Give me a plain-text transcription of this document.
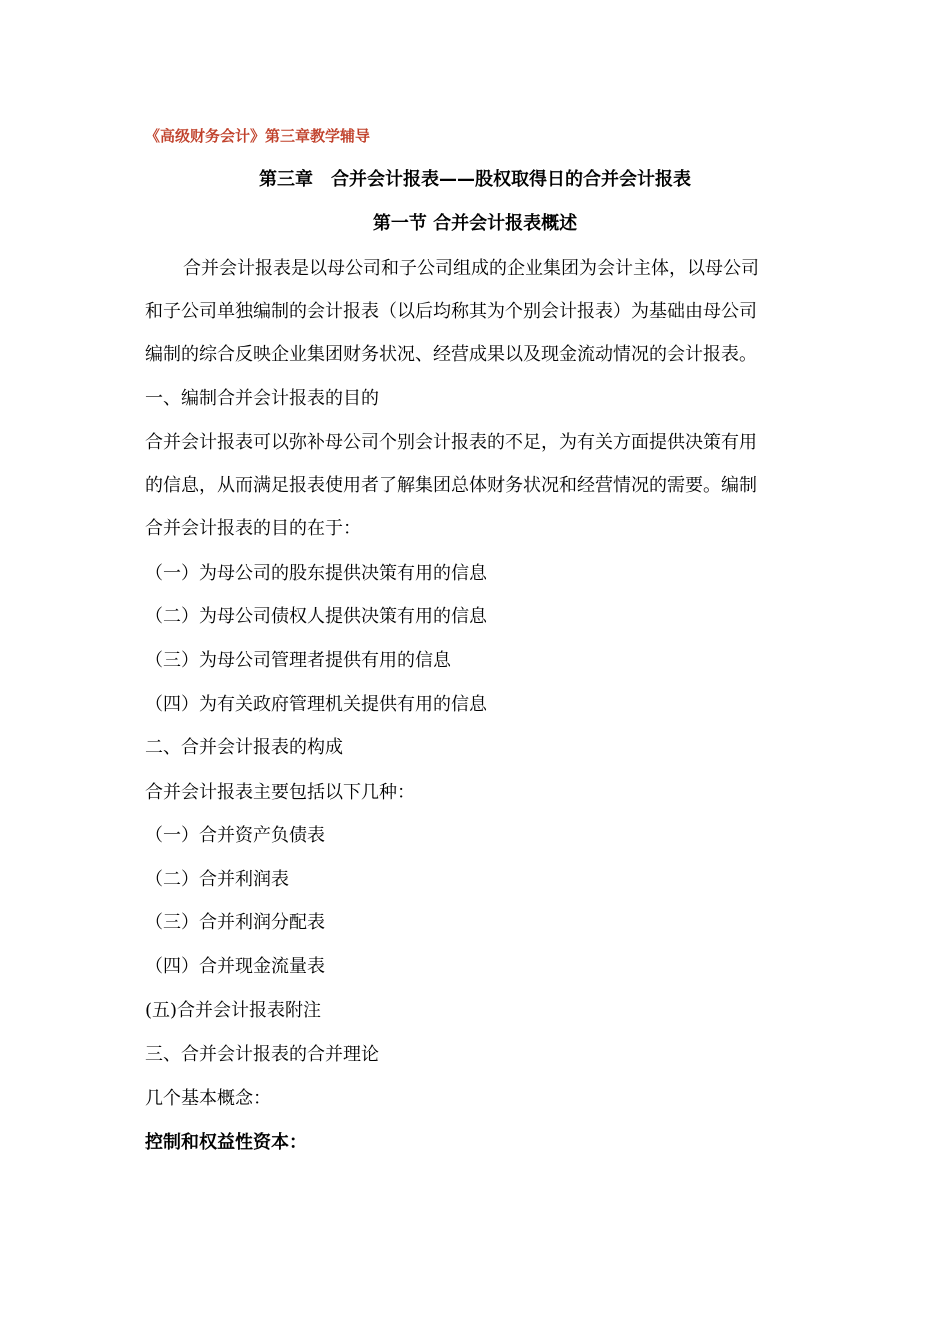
《高级财务会计》第三章教学辅导
第三章　合并会计报表——股权取得日的合并会计报表
第一节 合并会计报表概述
合并会计报表是以母公司和子公司组成的企业集团为会计主体，以母公司
和子公司单独编制的会计报表（以后均称其为个别会计报表）为基础由母公司
编制的综合反映企业集团财务状况、经营成果以及现金流动情况的会计报表。
一、编制合并会计报表的目的
合并会计报表可以弥补母公司个别会计报表的不足，为有关方面提供决策有用
的信息，从而满足报表使用者了解集团总体财务状况和经营情况的需要。编制
合并会计报表的目的在于：
（一）为母公司的股东提供决策有用的信息
（二）为母公司债权人提供决策有用的信息
（三）为母公司管理者提供有用的信息
（四）为有关政府管理机关提供有用的信息
二、合并会计报表的构成
合并会计报表主要包括以下几种：
（一）合并资产负债表
（二）合并利润表
（三）合并利润分配表
（四）合并现金流量表
(五)合并会计报表附注
三、合并会计报表的合并理论
几个基本概念：
控制和权益性资本：
